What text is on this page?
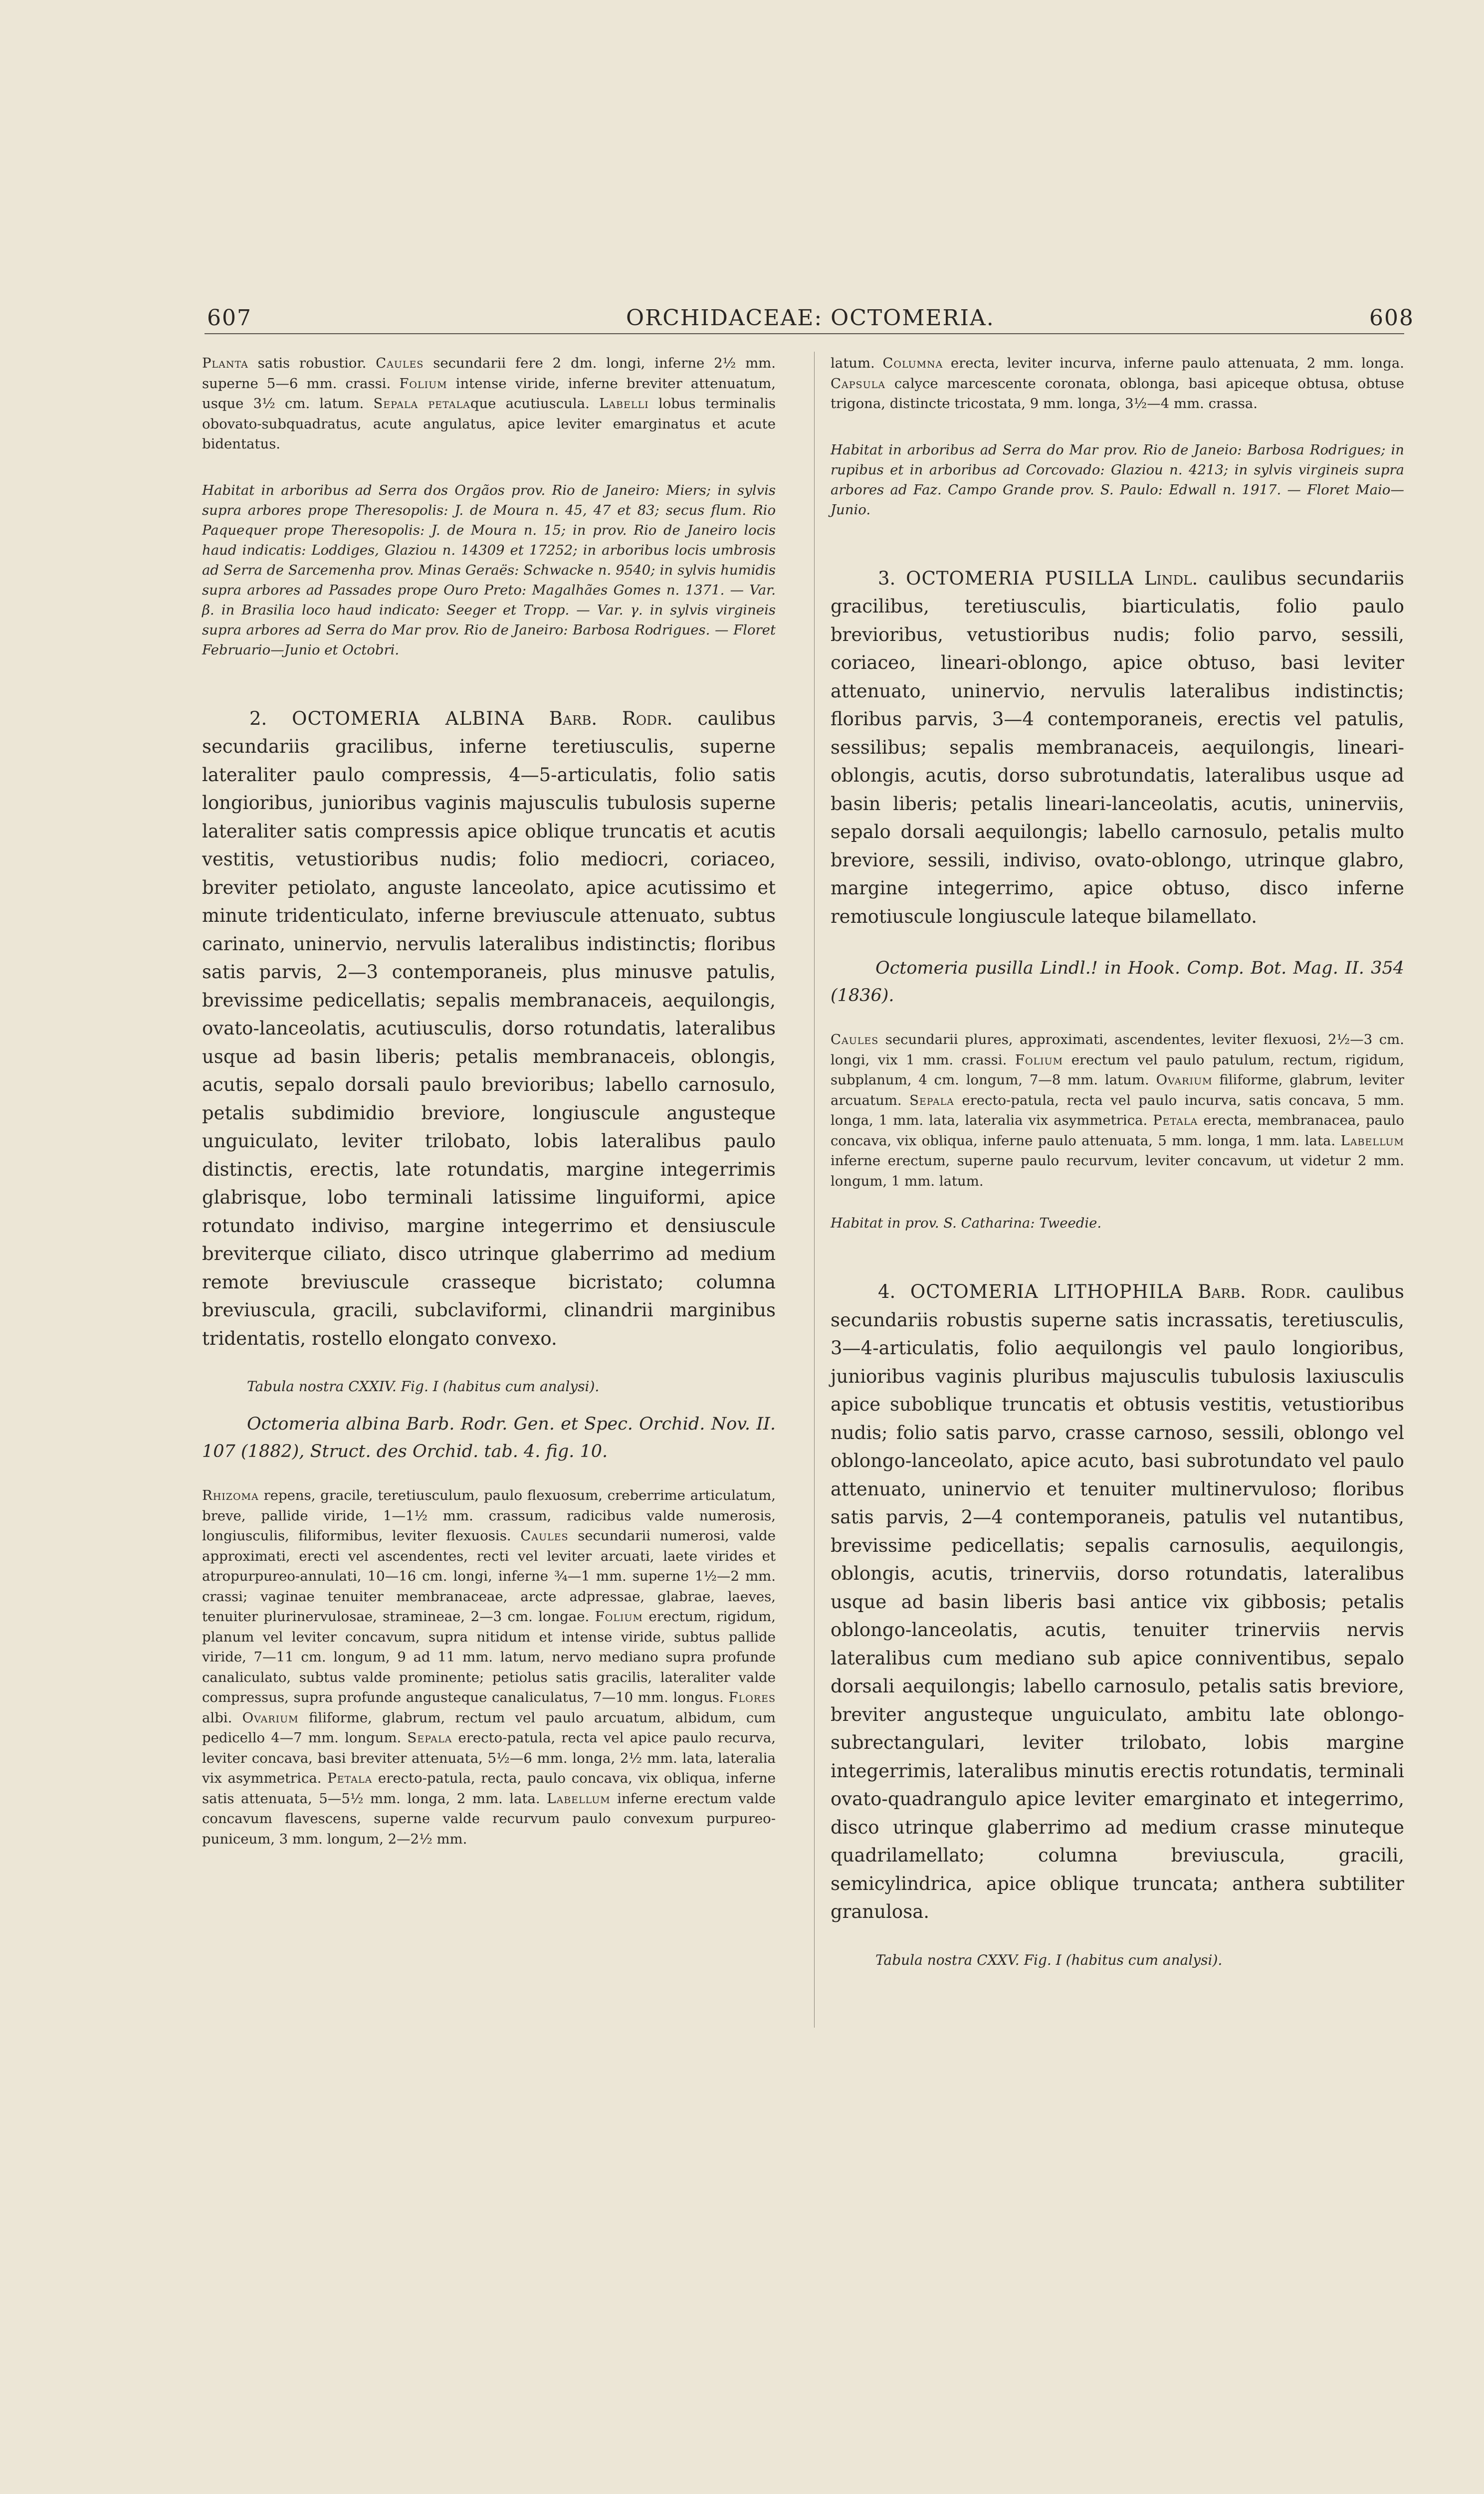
607	ORCHIDACEAE: OCTOMERIA.	608

Planta satis robustior. Caules secundarii fere 2 dm. longi, inferne 2½ mm. superne 5—6 mm. crassi. Folium intense viride, inferne breviter attenuatum, usque 3½ cm. latum. Sepala petalaque acutiuscula. Labelli lobus terminalis obovato-subquadratus, acute angulatus, apice leviter emarginatus et acute bidentatus.

Habitat in arboribus ad Serra dos Orgãos prov. Rio de Janeiro: Miers; in sylvis supra arbores prope Theresopolis: J. de Moura n. 45, 47 et 83; secus flum. Rio Paquequer prope Theresopolis: J. de Moura n. 15; in prov. Rio de Janeiro locis haud indicatis: Loddiges, Glaziou n. 14309 et 17252; in arboribus locis umbrosis ad Serra de Sarcemenha prov. Minas Geraës: Schwacke n. 9540; in sylvis humidis supra arbores ad Passades prope Ouro Preto: Magalhães Gomes n. 1371. — Var. β. in Brasilia loco haud indicato: Seeger et Tropp. — Var. γ. in sylvis virgineis supra arbores ad Serra do Mar prov. Rio de Janeiro: Barbosa Rodrigues. — Floret Februario—Junio et Octobri.

2. OCTOMERIA ALBINA Barb. Rodr. caulibus secundariis gracilibus, inferne teretiusculis, superne lateraliter paulo compressis, 4—5-articulatis, folio satis longioribus, junioribus vaginis majusculis tubulosis superne lateraliter satis compressis apice oblique truncatis et acutis vestitis, vetustioribus nudis; folio mediocri, coriaceo, breviter petiolato, anguste lanceolato, apice acutissimo et minute tridenticulato, inferne breviuscule attenuato, subtus carinato, uninervio, nervulis lateralibus indistinctis; floribus satis parvis, 2—3 contemporaneis, plus minusve patulis, brevissime pedicellatis; sepalis membranaceis, aequilongis, ovato-lanceolatis, acutiusculis, dorso rotundatis, lateralibus usque ad basin liberis; petalis membranaceis, oblongis, acutis, sepalo dorsali paulo brevioribus; labello carnosulo, petalis subdimidio breviore, longiuscule angusteque unguiculato, leviter trilobato, lobis lateralibus paulo distinctis, erectis, late rotundatis, margine integerrimis glabrisque, lobo terminali latissime linguiformi, apice rotundato indiviso, margine integerrimo et densiuscule breviterque ciliato, disco utrinque glaberrimo ad medium remote breviuscule crasseque bicristato; columna breviuscula, gracili, subclaviformi, clinandrii marginibus tridentatis, rostello elongato convexo.

Tabula nostra CXXIV. Fig. I (habitus cum analysi).

Octomeria albina Barb. Rodr. Gen. et Spec. Orchid. Nov. II. 107 (1882), Struct. des Orchid. tab. 4. fig. 10.

Rhizoma repens, gracile, teretiusculum, paulo flexuosum, creberrime articulatum, breve, pallide viride, 1—1½ mm. crassum, radicibus valde numerosis, longiusculis, filiformibus, leviter flexuosis. Caules secundarii numerosi, valde approximati, erecti vel ascendentes, recti vel leviter arcuati, laete virides et atropurpureo-annulati, 10—16 cm. longi, inferne ¾—1 mm. superne 1½—2 mm. crassi; vaginae tenuiter membranaceae, arcte adpressae, glabrae, laeves, tenuiter plurinervulosae, stramineae, 2—3 cm. longae. Folium erectum, rigidum, planum vel leviter concavum, supra nitidum et intense viride, subtus pallide viride, 7—11 cm. longum, 9 ad 11 mm. latum, nervo mediano supra profunde canaliculato, subtus valde prominente; petiolus satis gracilis, lateraliter valde compressus, supra profunde angusteque canaliculatus, 7—10 mm. longus. Flores albi. Ovarium filiforme, glabrum, rectum vel paulo arcuatum, albidum, cum pedicello 4—7 mm. longum. Sepala erecto-patula, recta vel apice paulo recurva, leviter concava, basi breviter attenuata, 5½—6 mm. longa, 2½ mm. lata, lateralia vix asymmetrica. Petala erecto-patula, recta, paulo concava, vix obliqua, inferne satis attenuata, 5—5½ mm. longa, 2 mm. lata. Labellum inferne erectum valde concavum flavescens, superne valde recurvum paulo convexum purpureo-puniceum, 3 mm. longum, 2—2½ mm.

latum. Columna erecta, leviter incurva, inferne paulo attenuata, 2 mm. longa. Capsula calyce marcescente coronata, oblonga, basi apiceque obtusa, obtuse trigona, distincte tricostata, 9 mm. longa, 3½—4 mm. crassa.

Habitat in arboribus ad Serra do Mar prov. Rio de Janeio: Barbosa Rodrigues; in rupibus et in arboribus ad Corcovado: Glaziou n. 4213; in sylvis virgineis supra arbores ad Faz. Campo Grande prov. S. Paulo: Edwall n. 1917. — Floret Maio—Junio.

3. OCTOMERIA PUSILLA Lindl. caulibus secundariis gracilibus, teretiusculis, biarticulatis, folio paulo brevioribus, vetustioribus nudis; folio parvo, sessili, coriaceo, lineari-oblongo, apice obtuso, basi leviter attenuato, uninervio, nervulis lateralibus indistinctis; floribus parvis, 3—4 contemporaneis, erectis vel patulis, sessilibus; sepalis membranaceis, aequilongis, lineari-oblongis, acutis, dorso subrotundatis, lateralibus usque ad basin liberis; petalis lineari-lanceolatis, acutis, uninerviis, sepalo dorsali aequilongis; labello carnosulo, petalis multo breviore, sessili, indiviso, ovato-oblongo, utrinque glabro, margine integerrimo, apice obtuso, disco inferne remotiuscule longiuscule lateque bilamellato.

Octomeria pusilla Lindl.! in Hook. Comp. Bot. Mag. II. 354 (1836).

Caules secundarii plures, approximati, ascendentes, leviter flexuosi, 2½—3 cm. longi, vix 1 mm. crassi. Folium erectum vel paulo patulum, rectum, rigidum, subplanum, 4 cm. longum, 7—8 mm. latum. Ovarium filiforme, glabrum, leviter arcuatum. Sepala erecto-patula, recta vel paulo incurva, satis concava, 5 mm. longa, 1 mm. lata, lateralia vix asymmetrica. Petala erecta, membranacea, paulo concava, vix obliqua, inferne paulo attenuata, 5 mm. longa, 1 mm. lata. Labellum inferne erectum, superne paulo recurvum, leviter concavum, ut videtur 2 mm. longum, 1 mm. latum.

Habitat in prov. S. Catharina: Tweedie.

4. OCTOMERIA LITHOPHILA Barb. Rodr. caulibus secundariis robustis superne satis incrassatis, teretiusculis, 3—4-articulatis, folio aequilongis vel paulo longioribus, junioribus vaginis pluribus majusculis tubulosis laxiusculis apice suboblique truncatis et obtusis vestitis, vetustioribus nudis; folio satis parvo, crasse carnoso, sessili, oblongo vel oblongo-lanceolato, apice acuto, basi subrotundato vel paulo attenuato, uninervio et tenuiter multinervuloso; floribus satis parvis, 2—4 contemporaneis, patulis vel nutantibus, brevissime pedicellatis; sepalis carnosulis, aequilongis, oblongis, acutis, trinerviis, dorso rotundatis, lateralibus usque ad basin liberis basi antice vix gibbosis; petalis oblongo-lanceolatis, acutis, tenuiter trinerviis nervis lateralibus cum mediano sub apice conniventibus, sepalo dorsali aequilongis; labello carnosulo, petalis satis breviore, breviter angusteque unguiculato, ambitu late oblongo-subrectangulari, leviter trilobato, lobis margine integerrimis, lateralibus minutis erectis rotundatis, terminali ovato-quadrangulo apice leviter emarginato et integerrimo, disco utrinque glaberrimo ad medium crasse minuteque quadrilamellato; columna breviuscula, gracili, semicylindrica, apice oblique truncata; anthera subtiliter granulosa.

Tabula nostra CXXV. Fig. I (habitus cum analysi).
